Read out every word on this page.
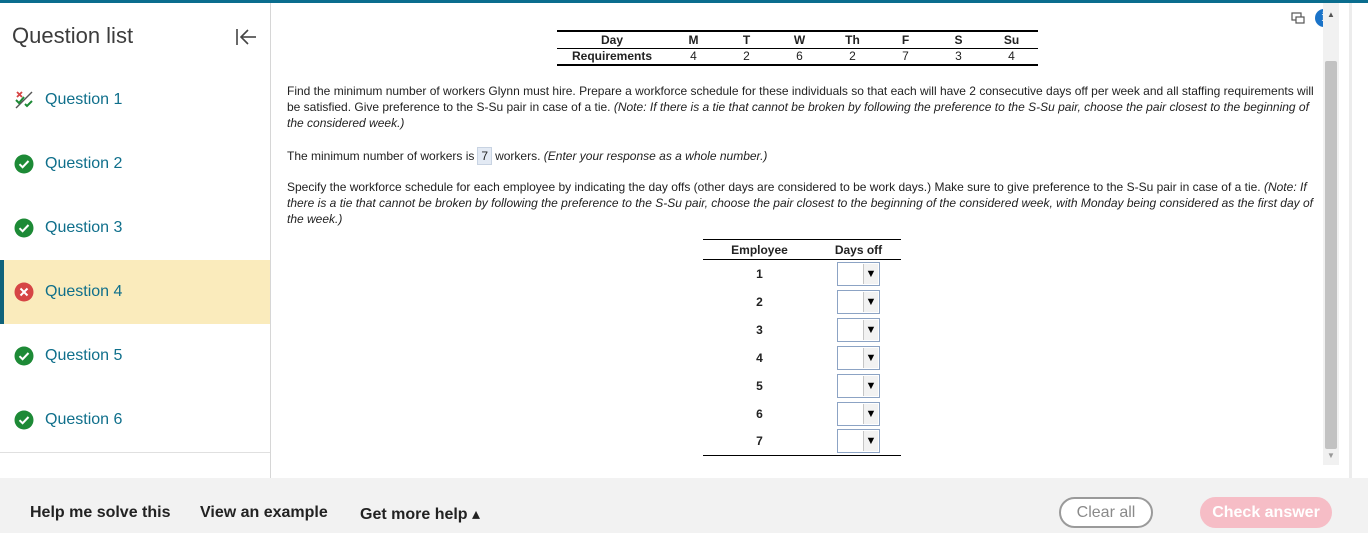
Question list
Question 1
Question 2
Question 3
Question 4
Question 5
Question 6
Day	M	T	W	Th	F	S	Su
Requirements	4	2	6	2	7	3	4
Find the minimum number of workers Glynn must hire. Prepare a workforce schedule for these individuals so that each will have 2 consecutive days off per week and all staffing requirements will be satisfied. Give preference to the S-Su pair in case of a tie. (Note: If there is a tie that cannot be broken by following the preference to the S-Su pair, choose the pair closest to the beginning of the considered week.)
The minimum number of workers is 7 workers. (Enter your response as a whole number.)
Specify the workforce schedule for each employee by indicating the day offs (other days are considered to be work days.) Make sure to give preference to the S-Su pair in case of a tie. (Note: If there is a tie that cannot be broken by following the preference to the S-Su pair, choose the pair closest to the beginning of the considered week, with Monday being considered as the first day of the week.)
Employee	Days off
1	▼

2	▼

3	▼

4	▼

5	▼

6	▼

7	▼
▲
▼
Help me solve this View an example Get more help ▴	Clear all	Check answer
